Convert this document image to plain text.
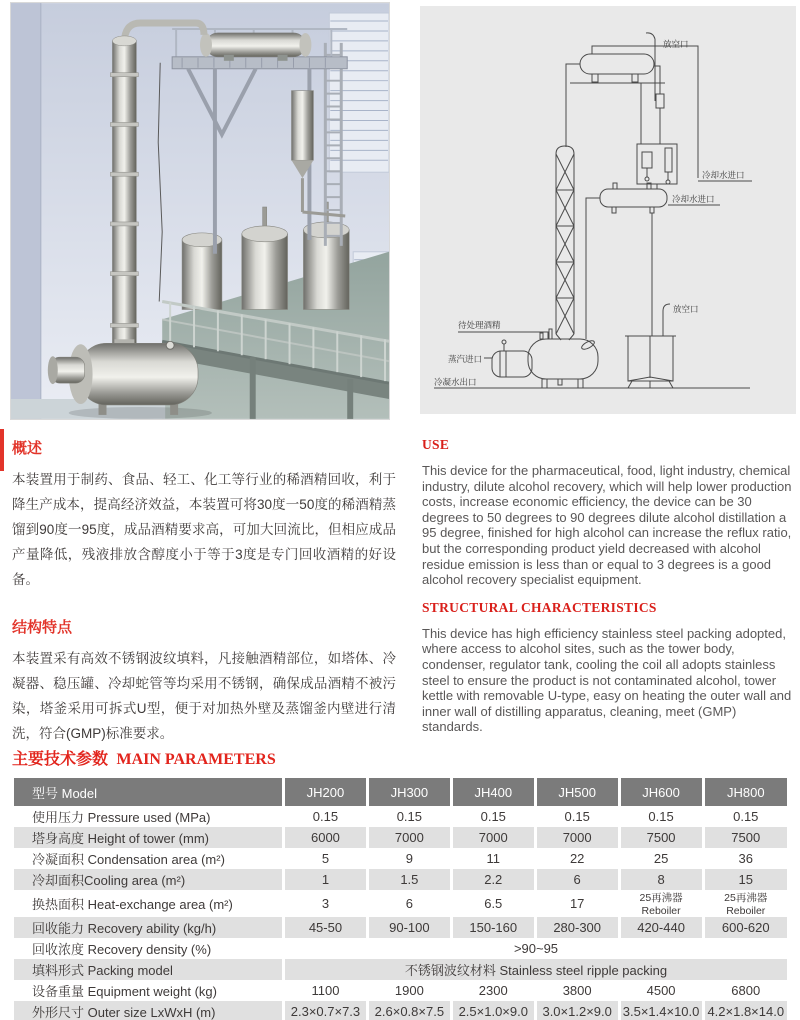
放空口
冷却水进口
冷却水进口
待处理酒精
蒸汽进口
冷凝水出口
放空口
概述

本装置用于制药、食品、轻工、化工等行业的稀酒精回收，利于降生产成本，提高经济效益，本装置可将30度一50度的稀酒精蒸馏到90度一95度，成品酒精要求高，可加大回流比，但相应成品产量降低，残液排放含醇度小于等于3度是专门回收酒精的好设备。

结构特点

本装置采有高效不锈钢波纹填料，凡接触酒精部位，如塔体、冷凝器、稳压罐、冷却蛇管等均采用不锈钢，确保成品酒精不被污染，塔釜采用可拆式U型，便于对加热外壁及蒸馏釜内壁进行清洗，符合(GMP)标准要求。

USE

This device for the pharmaceutical, food, light industry, chemical industry, dilute alcohol recovery, which will help lower production costs, increase economic efficiency, the device can be 30 degrees to 50 degrees to 90 degrees dilute alcohol distillation a 95 degree, finished for high alcohol can increase the reflux ratio, but the corresponding product yield decreased with alcohol residue emission is less than or equal to 3 degrees is a good alcohol recovery specialist equipment.

STRUCTURAL CHARACTERISTICS

This device has high efficiency stainless steel packing adopted, where access to alcohol sites, such as the tower body, condenser, regulator tank, cooling the coil all adopts stainless steel to ensure the product is not contaminated alcohol, tower kettle with removable U-type, easy on heating the outer wall and inner wall of distilling apparatus, cleaning, meet (GMP) standards.

主要技术参数 MAIN PARAMETERS
型号 Model	JH200	JH300	JH400	JH500	JH600	JH800
使用压力 Pressure used (MPa)	0.15	0.15	0.15	0.15	0.15	0.15
塔身高度 Height of tower (mm)	6000	7000	7000	7000	7500	7500
冷凝面积 Condensation area (m²)	5	9	11	22	25	36
冷却面积Cooling area (m²)	1	1.5	2.2	6	8	15
换热面积 Heat-exchange area (m²)	3	6	6.5	17	25再沸器 Reboiler	25再沸器 Reboiler
回收能力 Recovery ability (kg/h)	45-50	90-100	150-160	280-300	420-440	600-620
回收浓度 Recovery density (%)	>90~95					
填料形式 Packing model	不锈钢波纹材料 Stainless steel ripple packing					
设备重量 Equipment weight (kg)	1100	1900	2300	3800	4500	6800
外形尺寸 Outer size LxWxH (m)	2.3×0.7×7.3	2.6×0.8×7.5	2.5×1.0×9.0	3.0×1.2×9.0	3.5×1.4×10.0	4.2×1.8×14.0
